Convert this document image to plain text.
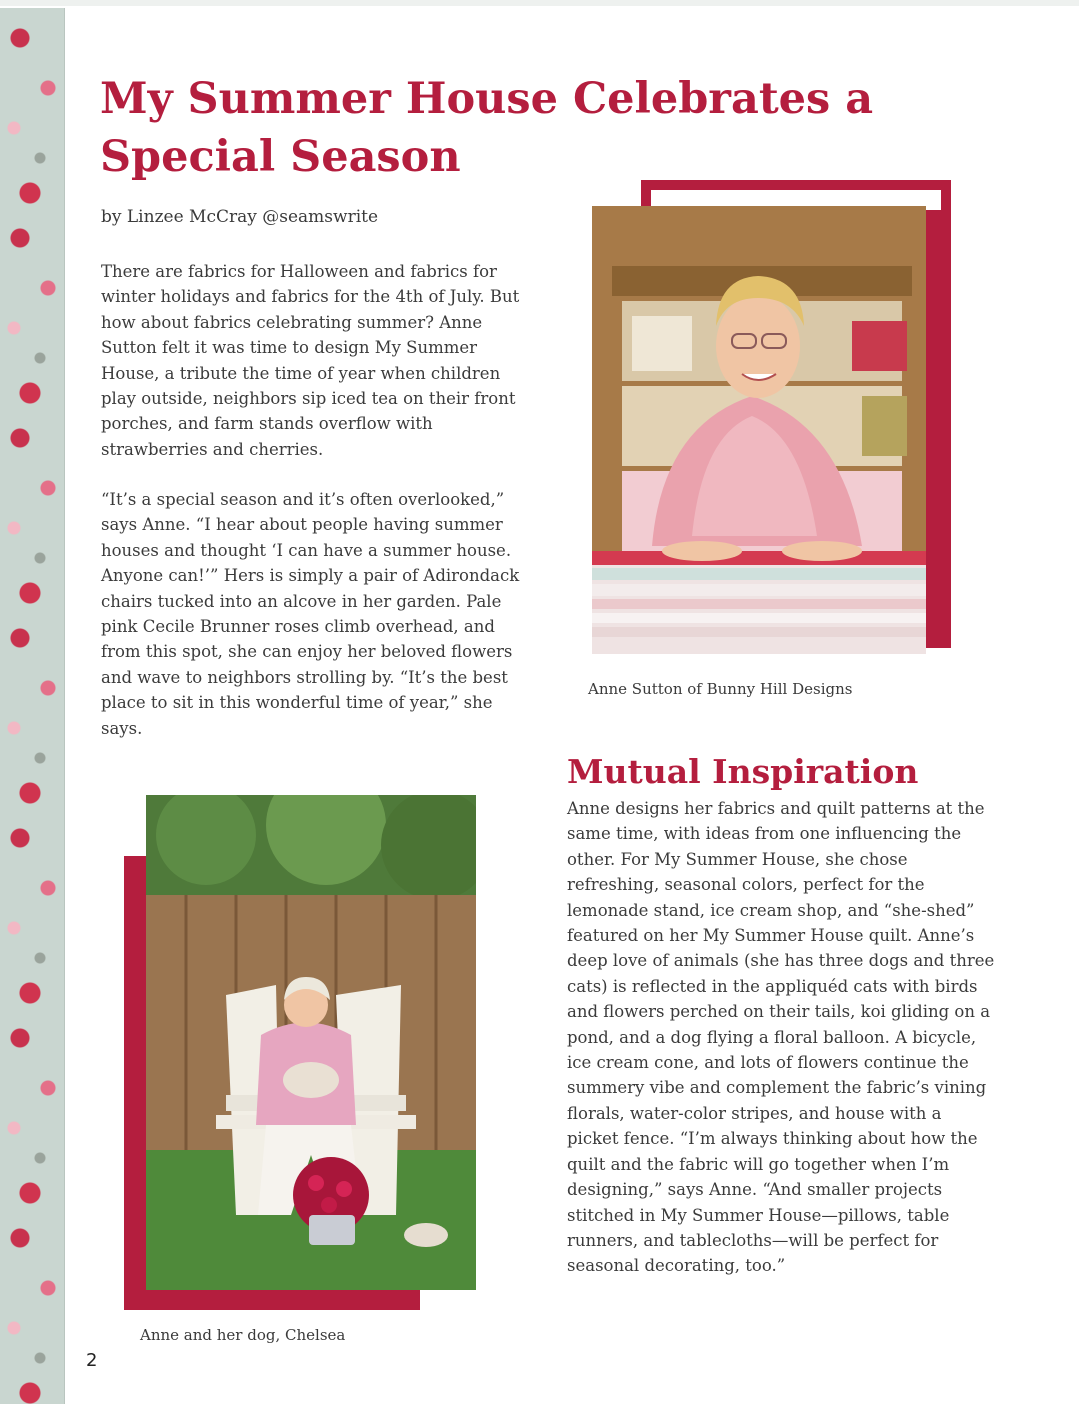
My Summer House Celebrates a Special Season

by Linzee McCray @seamswrite

There are fabrics for Halloween and fabrics for winter holidays and fabrics for the 4th of July. But how about fabrics celebrating summer? Anne Sutton felt it was time to design My Summer House, a tribute the time of year when children play outside, neighbors sip iced tea on their front porches, and farm stands overflow with strawberries and cherries.

“It’s a special season and it’s often overlooked,” says Anne. “I hear about people having summer houses and thought ‘I can have a summer house. Anyone can!’” Hers is simply a pair of Adirondack chairs tucked into an alcove in her garden. Pale pink Cecile Brunner roses climb overhead, and from this spot, she can enjoy her beloved flowers and wave to neighbors strolling by. “It’s the best place to sit in this wonderful time of year,” she says.

Anne Sutton of Bunny Hill Designs

Mutual Inspiration

Anne designs her fabrics and quilt patterns at the same time, with ideas from one influencing the other. For My Summer House, she chose refreshing, seasonal colors, perfect for the lemonade stand, ice cream shop, and “she-shed” featured on her My Summer House quilt. Anne’s deep love of animals (she has three dogs and three cats) is reflected in the appliquéd cats with birds and flowers perched on their tails, koi gliding on a pond, and a dog flying a floral balloon. A bicycle, ice cream cone, and lots of flowers continue the summery vibe and complement the fabric’s vining florals, water-color stripes, and house with a picket fence. “I’m always thinking about how the quilt and the fabric will go together when I’m designing,” says Anne. “And smaller projects stitched in My Summer House—pillows, table runners, and tablecloths—will be perfect for seasonal decorating, too.”

Anne and her dog, Chelsea

2
